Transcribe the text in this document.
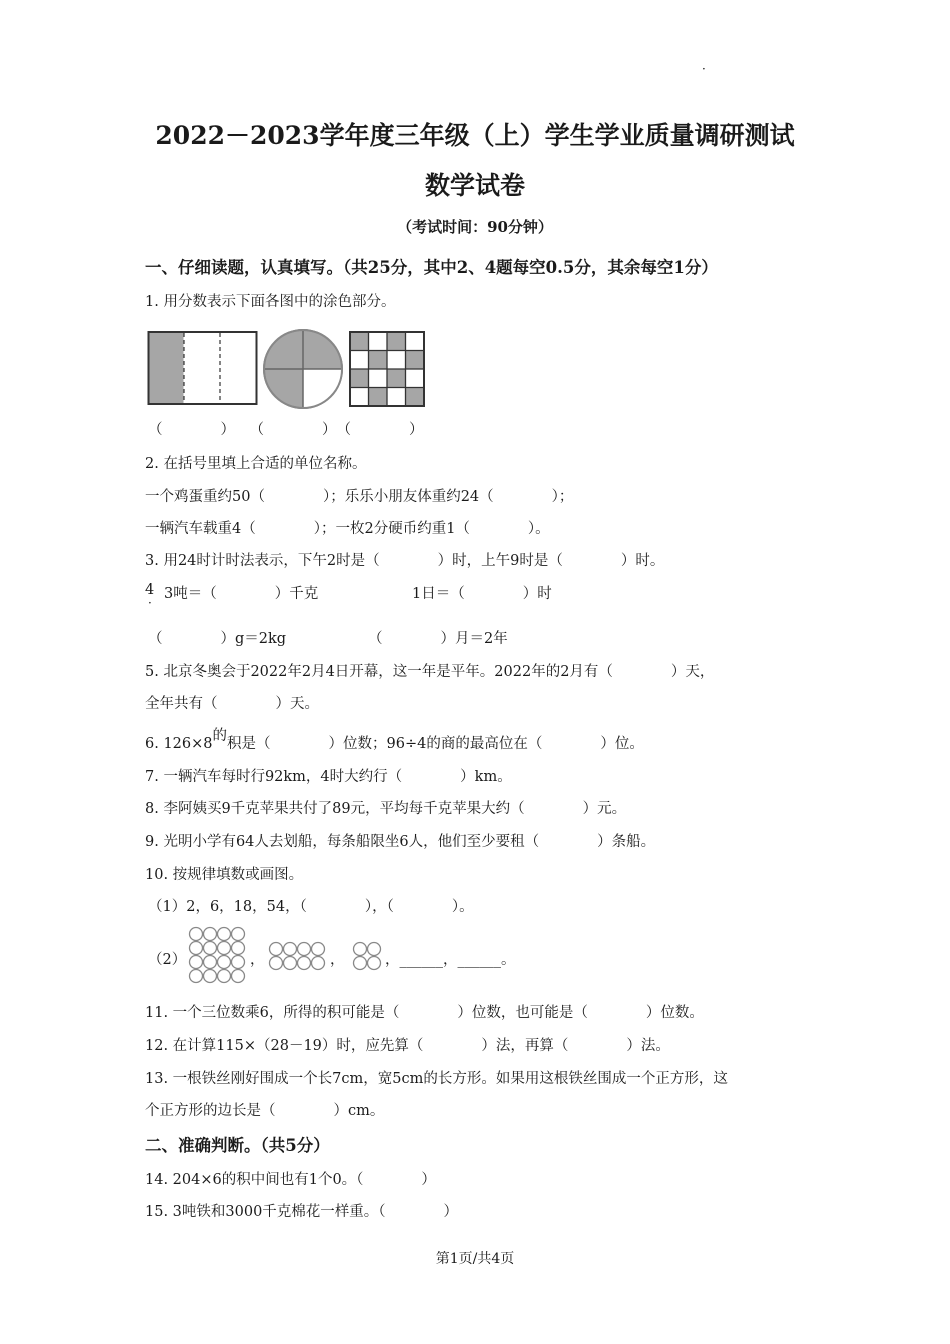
·
2022－2023学年度三年级（上）学生学业质量调研测试
数学试卷
（考试时间：90分钟）
一、仔细读题，认真填写。（共25分，其中2、4题每空0.5分，其余每空1分）
1. 用分数表示下面各图中的涂色部分。
（　　　　）　　（　　　　）　（　　　　）
2. 在括号里填上合适的单位名称。
一个鸡蛋重约50（　　　　）；乐乐小朋友体重约24（　　　　）；
一辆汽车载重4（　　　　）；一枚2分硬币约重1（　　　　）。
3. 用24时计时法表示，下午2时是（　　　　）时，上午9时是（　　　　）时。
4
·
3吨＝（　　　　）千克	1日＝（　　　　）时
（　　　　）g＝2kg	（　　　　）月＝2年
5. 北京冬奥会于2022年2月4日开幕，这一年是平年。2022年的2月有（　　　　）天，
全年共有（　　　　）天。
6. 126×8的积是（　　　　）位数；96÷4的商的最高位在（　　　　）位。
7. 一辆汽车每时行92km，4时大约行（　　　　）km。
8. 李阿姨买9千克苹果共付了89元，平均每千克苹果大约（　　　　）元。
9. 光明小学有64人去划船，每条船限坐6人，他们至少要租（　　　　）条船。
10. 按规律填数或画图。
（1）2，6，18，54，（　　　　），（　　　　）。
（2）	，	，	，______，______。
11. 一个三位数乘6，所得的积可能是（　　　　）位数，也可能是（　　　　）位数。
12. 在计算115×（28－19）时，应先算（　　　　）法，再算（　　　　）法。
13. 一根铁丝刚好围成一个长7cm，宽5cm的长方形。如果用这根铁丝围成一个正方形，这
个正方形的边长是（　　　　）cm。
二、准确判断。（共5分）
14. 204×6的积中间也有1个0。（　　　　）
15. 3吨铁和3000千克棉花一样重。（　　　　）
第1页/共4页
